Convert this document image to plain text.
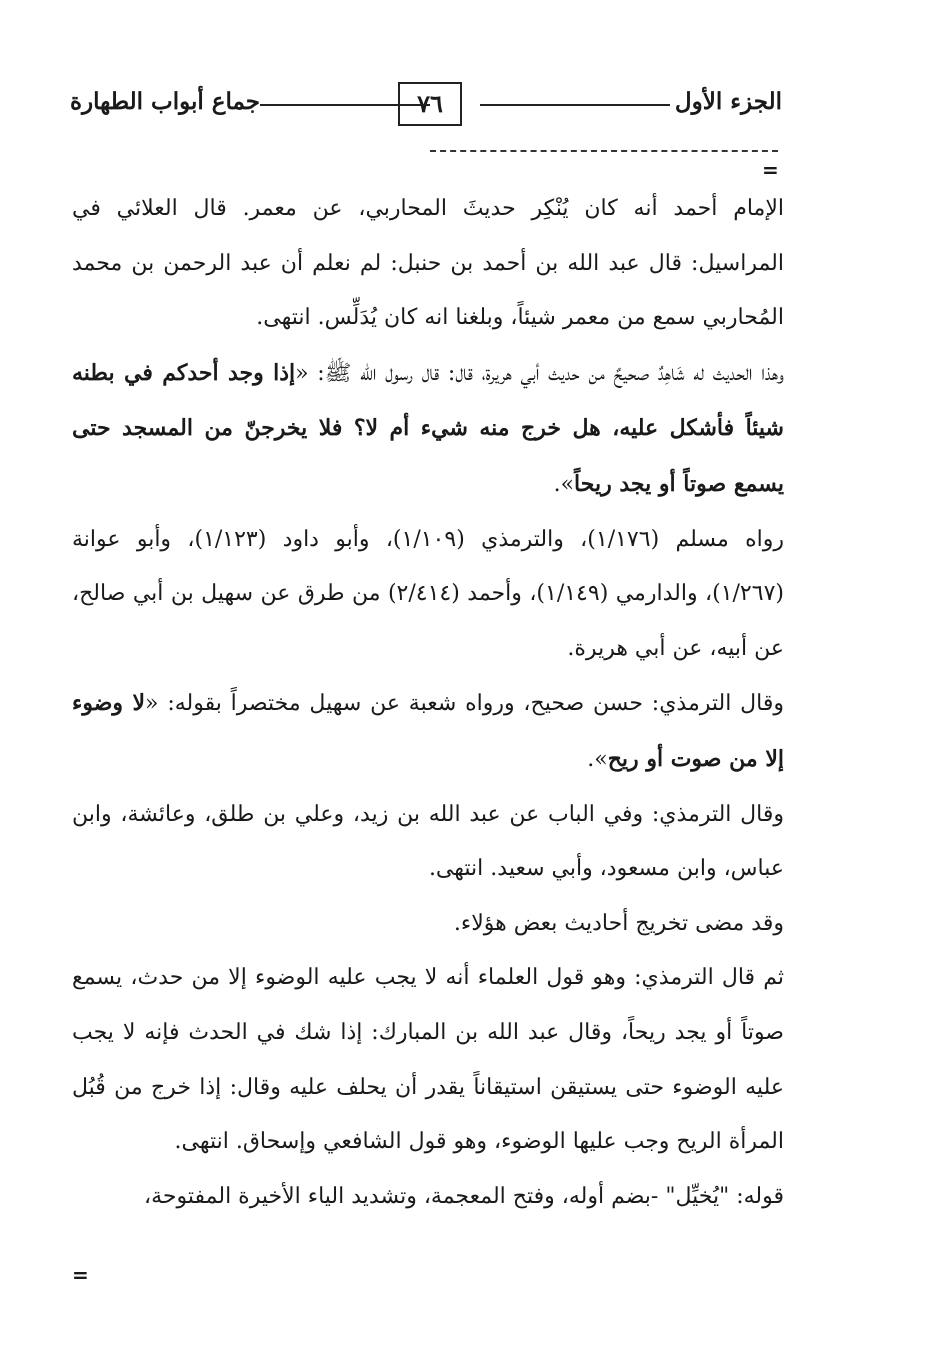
الجزء الأول
٧٦
جماع أبواب الطهارة
=

الإمام أحمد أنه كان يُنْكِر حديثَ المحاربي، عن معمر. قال العلائي في المراسيل: قال عبد الله بن أحمد بن حنبل: لم نعلم أن عبد الرحمن بن محمد المُحاربي سمع من معمر شيئاً، وبلغنا انه كان يُدَلِّس. انتهى.

وهذا الحديث له شَاهِدٌ صحيحٌ من حديث أبي هريرة، قال: قال رسول الله ﷺ: «إذا وجد أحدكم في بطنه شيئاً فأشكل عليه، هل خرج منه شيء أم لا؟ فلا يخرجنّ من المسجد حتى يسمع صوتاً أو يجد ريحاً».

رواه مسلم (١/١٧٦)، والترمذي (١/١٠٩)، وأبو داود (١/١٢٣)، وأبو عوانة (١/٢٦٧)، والدارمي (١/١٤٩)، وأحمد (٢/٤١٤) من طرق عن سهيل بن أبي صالح، عن أبيه، عن أبي هريرة.

وقال الترمذي: حسن صحيح، ورواه شعبة عن سهيل مختصراً بقوله: «لا وضوء إلا من صوت أو ريح».

وقال الترمذي: وفي الباب عن عبد الله بن زيد، وعلي بن طلق، وعائشة، وابن عباس، وابن مسعود، وأبي سعيد. انتهى.

وقد مضى تخريج أحاديث بعض هؤلاء.

ثم قال الترمذي: وهو قول العلماء أنه لا يجب عليه الوضوء إلا من حدث، يسمع صوتاً أو يجد ريحاً، وقال عبد الله بن المبارك: إذا شك في الحدث فإنه لا يجب عليه الوضوء حتى يستيقن استيقاناً يقدر أن يحلف عليه وقال: إذا خرج من قُبُل المرأة الريح وجب عليها الوضوء، وهو قول الشافعي وإسحاق. انتهى.

قوله: "يُخيِّل" -بضم أوله، وفتح المعجمة، وتشديد الياء الأخيرة المفتوحة،

=
